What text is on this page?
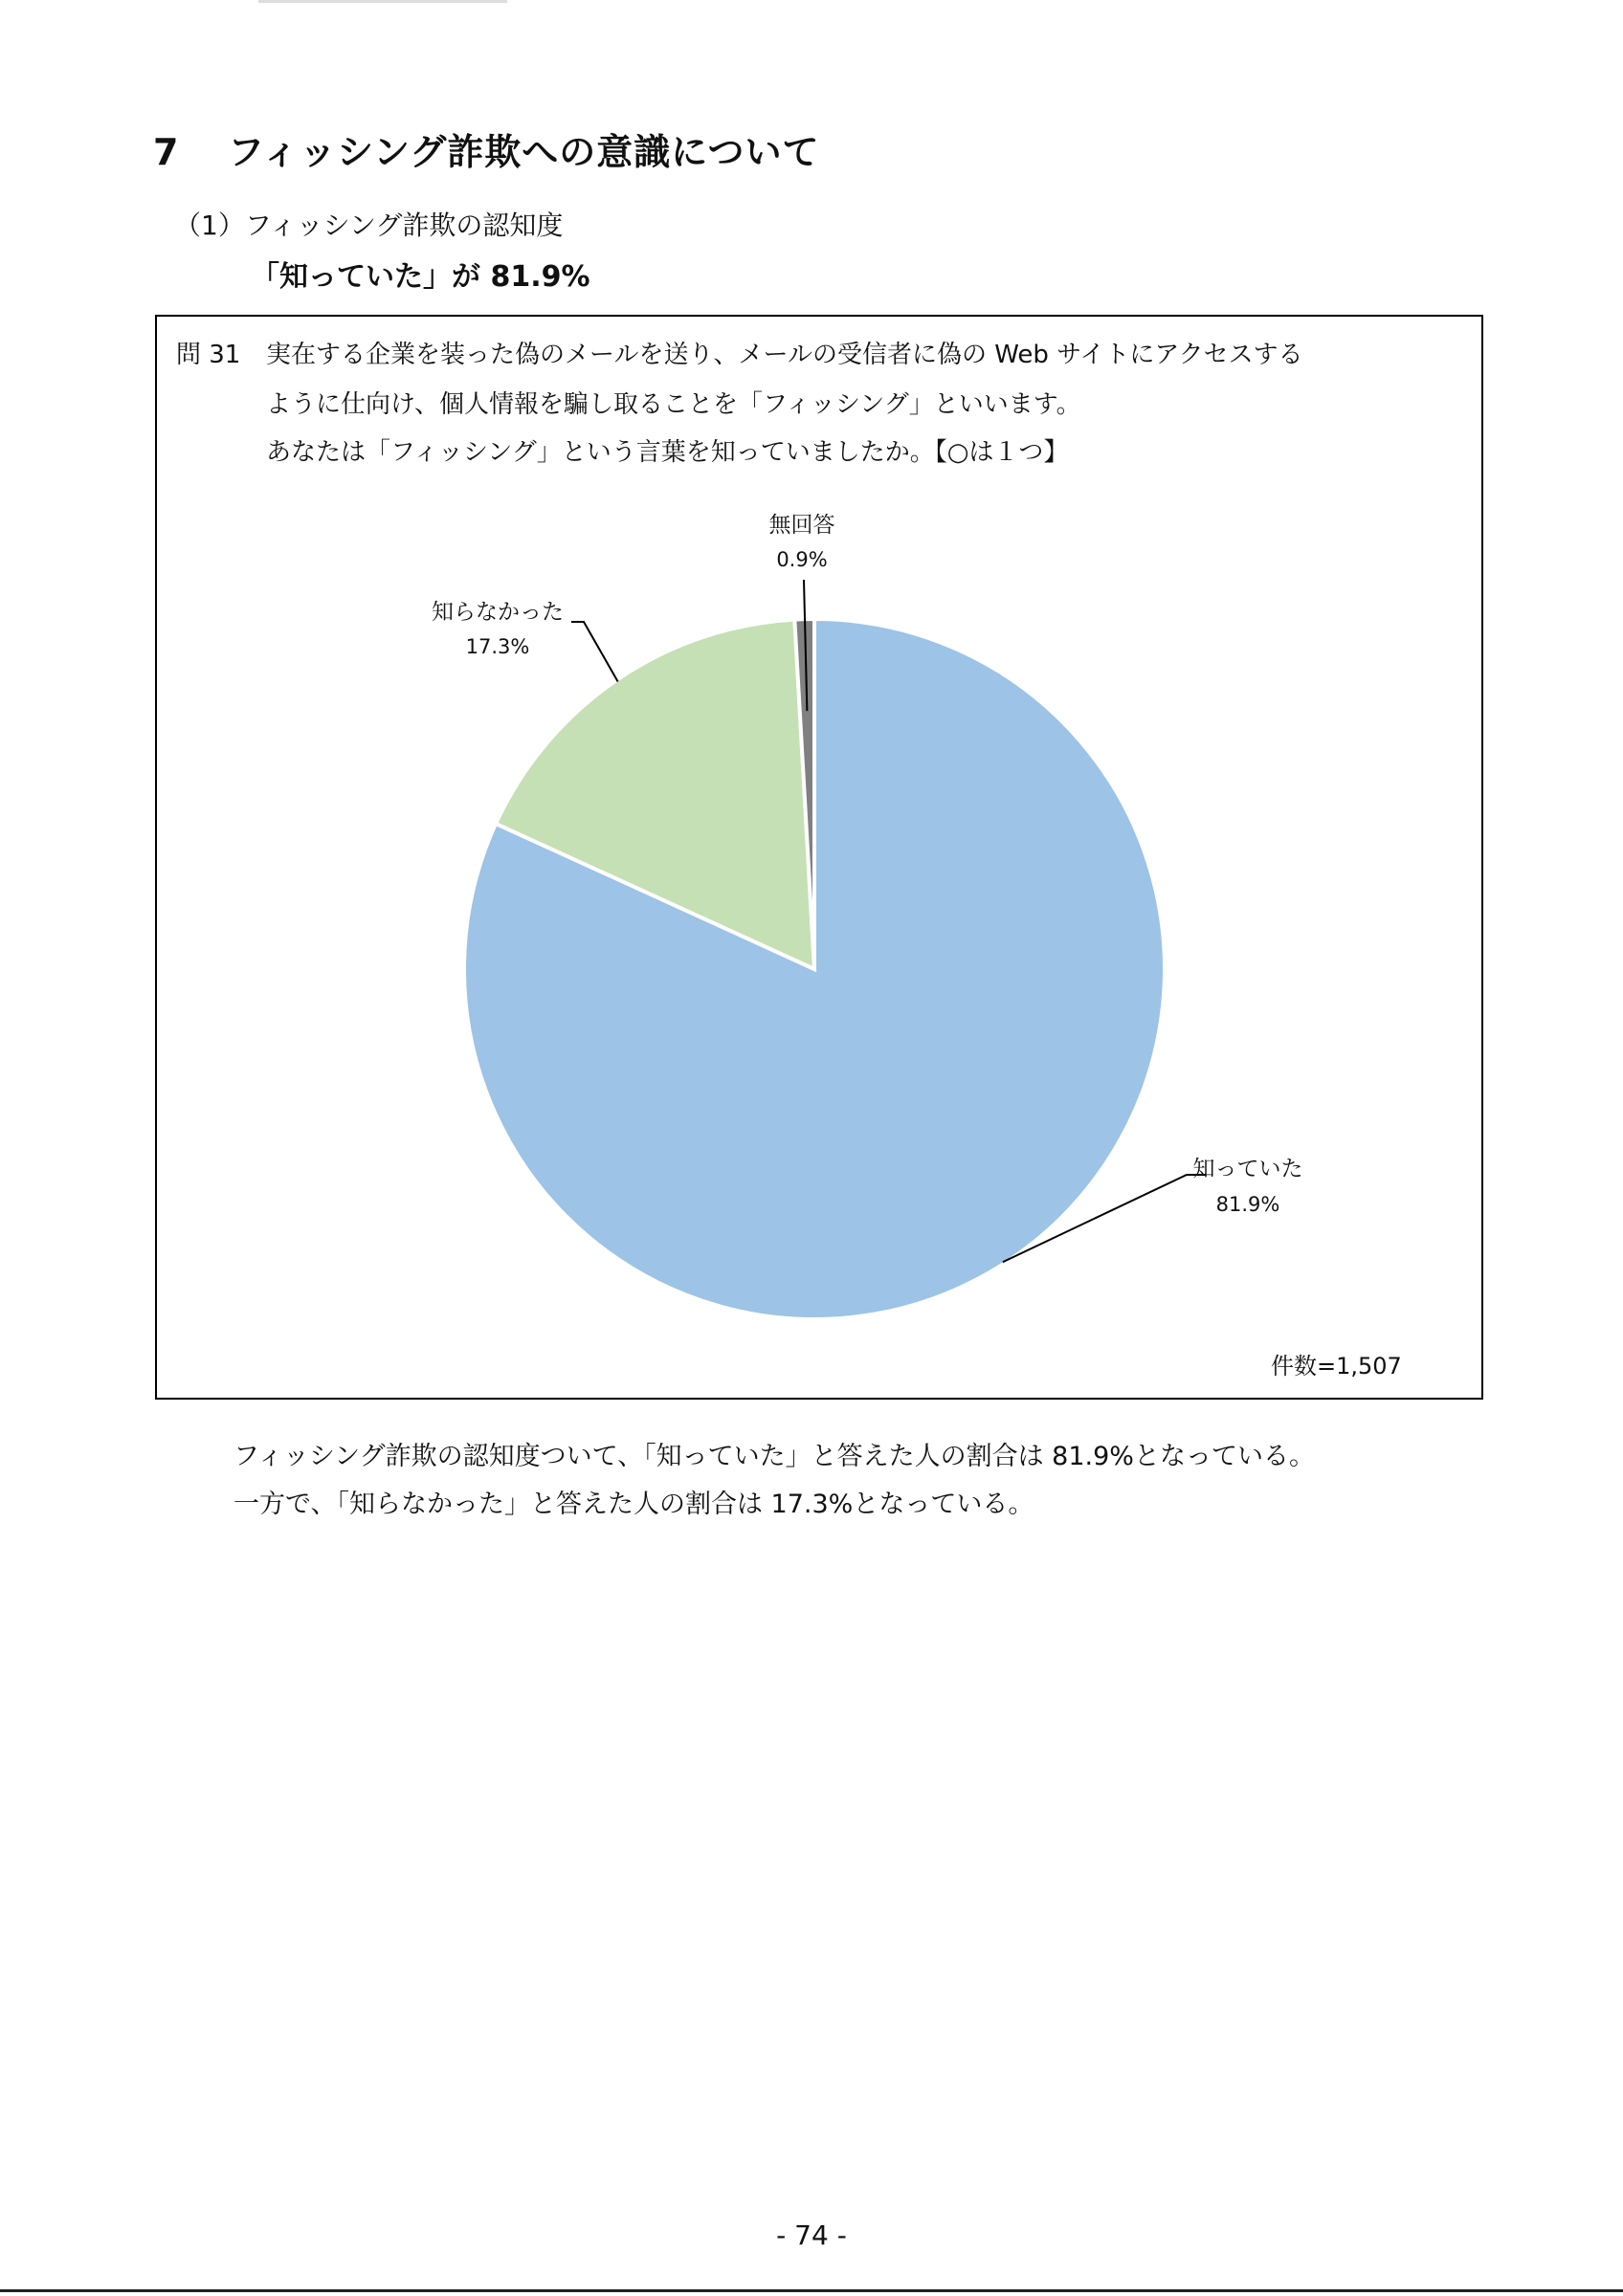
7 フィッシング詐欺への意識について
（1）フィッシング詐欺の認知度
「知っていた」が 81.9%
問 31 実在する企業を装った偽のメールを送り、メールの受信者に偽の Web サイトにアクセスする
ように仕向け、個人情報を騙し取ることを「フィッシング」といいます。
あなたは「フィッシング」という言葉を知っていましたか。【○は１つ】
無回答
0.9%
知らなかった
17.3%
知っていた
81.9%
件数=1,507
フィッシング詐欺の認知度ついて、「知っていた」と答えた人の割合は 81.9%となっている。
一方で、「知らなかった」と答えた人の割合は 17.3%となっている。
- 74 -
